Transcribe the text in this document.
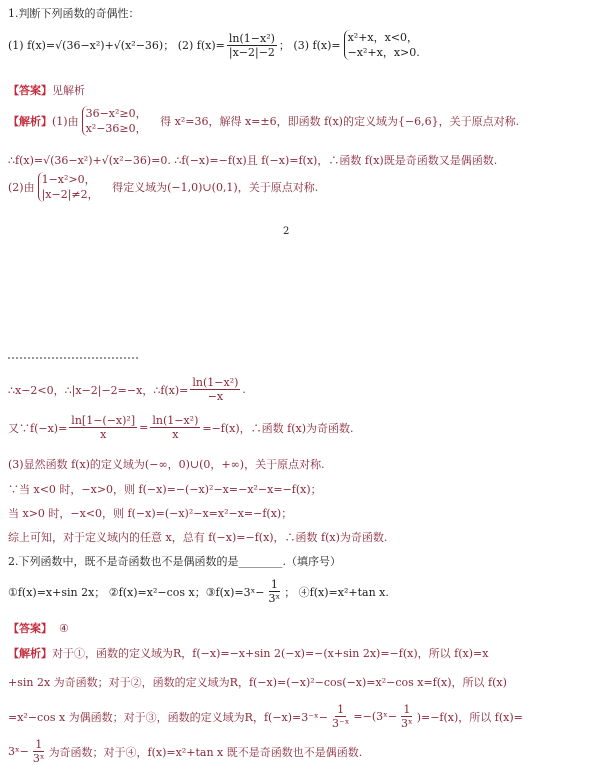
1.判断下列函数的奇偶性：
(1) f(x)=√(36−x²)+√(x²−36)；
(2) $f(x)= \frac{\text{ln(1−x²)}}{|x-2|-2}$ ；
(3) f(x)=
x²+x，x<0，
−x²+x，x>0.
【答案】 见解析
【解析】 (1)由
36−x²≥0，
x²−36≥0，

得 x²=36，解得 x=±6，即函数 f(x)的定义域为{−6,6}，关于原点对称.
∴f(x)=√(36−x²)+√(x²−36)=0. ∴f(−x)=−f(x)且 f(−x)=f(x)，∴函数 f(x)既是奇函数又是偶函数.
(2)由
1−x²>0，
|x−2|≠2，

得定义域为(−1,0)∪(0,1)，关于原点对称.
2
∴x−2<0，∴|x−2|−2=−x，∴f(x)= $\frac{\text{ln(1−x²)}}{-x}$ .
又∵f(−x)= $\frac{\text{ln[1−(−x)²]}}{x} = \frac{\text{ln(1−x²)}}{x} =-f(x)$，∴函数 f(x)为奇函数.
(3)显然函数 f(x)的定义域为(−∞，0)∪(0，+∞)，关于原点对称.
∵当 x<0 时，−x>0，则 f(−x)=−(−x)²−x=−x²−x=−f(x)；
当 x>0 时，−x<0，则 f(−x)=(−x)²−x=x²−x=−f(x)；
综上可知，对于定义域内的任意 x，总有 f(−x)=−f(x)，∴函数 f(x)为奇函数.
2.下列函数中，既不是奇函数也不是偶函数的是________.（填序号）
①f(x)=x+sin 2x； ②f(x)=x²−cos x；③f(x)=3ˣ− $\frac{1}{\text{3ˣ}}$ ； ④f(x)=x²+tan x.
【答案】
④
【解析】 对于①，函数的定义域为R，f(−x)=−x+sin 2(−x)=−(x+sin 2x)=−f(x)，所以 f(x)=x
+sin 2x 为奇函数；对于②，函数的定义域为R，f(−x)=(−x)²−cos(−x)=x²−cos x=f(x)，所以 f(x)
=x²−cos x 为偶函数；对于③，函数的定义域为R，f(−x)=3⁻ˣ− $\frac{1}{\text{3⁻ˣ}}$ =−(3ˣ− $\frac{1}{\text{3ˣ}} )=-f(x)$，所以 f(x)=
3ˣ− $\frac{1}{\text{3ˣ}}$ 为奇函数；对于④，f(x)=x²+tan x 既不是奇函数也不是偶函数.
